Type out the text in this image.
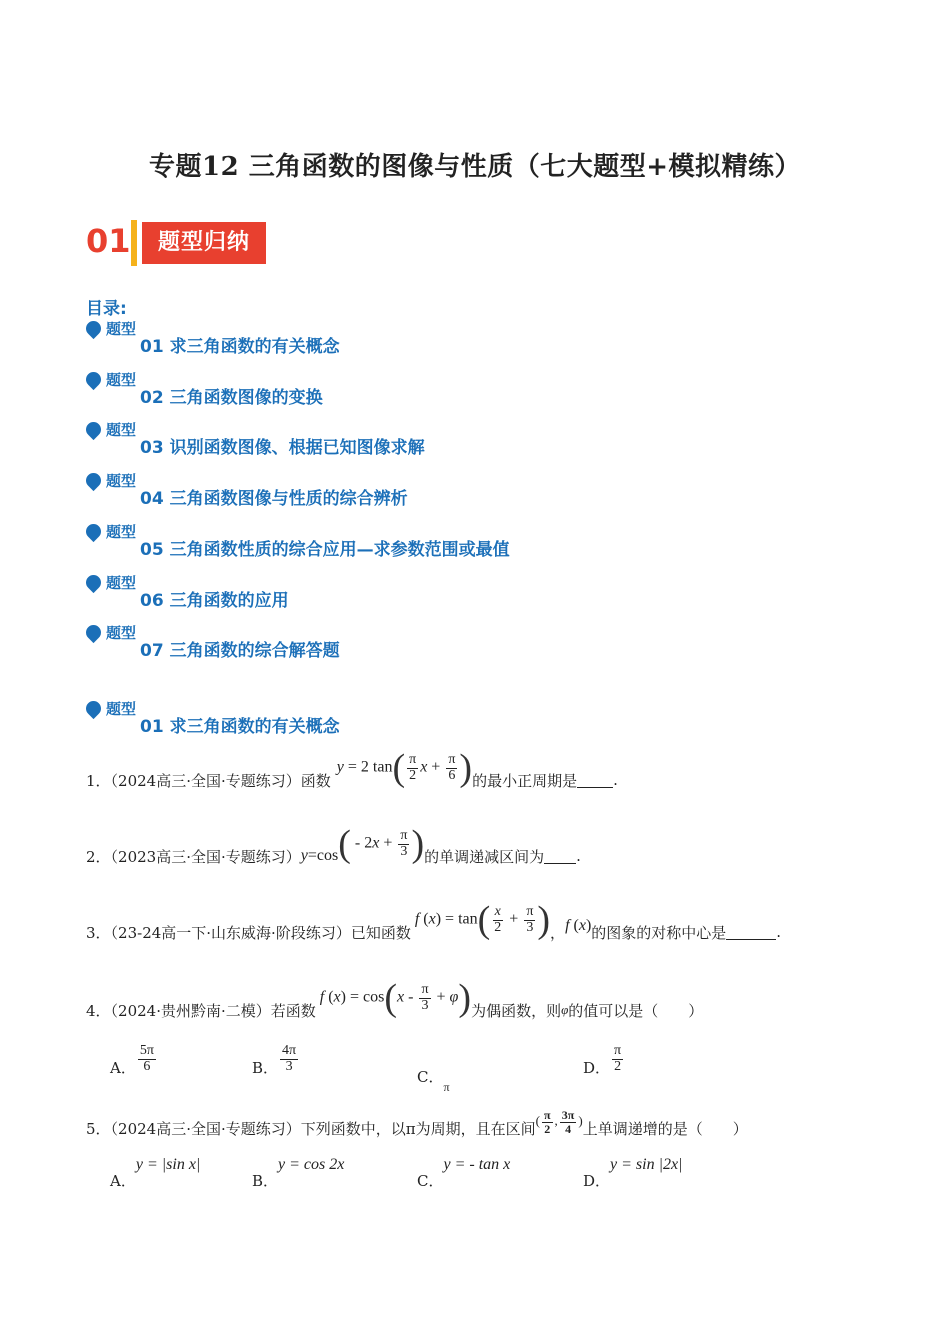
专题12 三角函数的图像与性质（七大题型+模拟精练）
01	题型归纳
目录:
题型
01 求三角函数的有关概念
题型
02 三角函数图像的变换
题型
03 识别函数图像、根据已知图像求解
题型
04 三角函数图像与性质的综合辨析
题型
05 三角函数性质的综合应用—求参数范围或最值
题型
06 三角函数的应用
题型
07 三角函数的综合解答题
题型
01 求三角函数的有关概念
1．（2024高三·全国·专题练习）函数
y = 2 $\tan( \frac{\pi}{2}$ $x + \frac{\pi}{6}$ ) 的最小正周期是 .
2．（2023高三·全国·专题练习） y=cos ( - $2x + \frac{\pi}{3}$ ) 的单调递减区间为 .
3．（23-24高一下·山东威海·阶段练习）已知函数
f $(x) = \tan( \frac{x}{2} + \frac{\pi}{3}$ ) ， f (x) 的图象的对称中心是	.
4．（2024·贵州黔南·二模）若函数
f $(x) = \cos(x - \frac{\pi}{3} + \varphi)$ 为偶函数，则 φ 的值可以是（　　）
A． $\frac{5\pi}{6}$	B． $\frac{4\pi}{3}$
C．
π
D． $\frac{\pi}{2}$
5．（2024高三·全国·专题练习）下列函数中，以π为周期，且在区间 ( $\frac{\pi}{2}$ , $\frac{3\pi}{4}$ ) 上单调递增的是（　　）
A．
y = |sin x|
B．
y = cos 2x
C．
y = - tan x
D．
y = sin |2x|
